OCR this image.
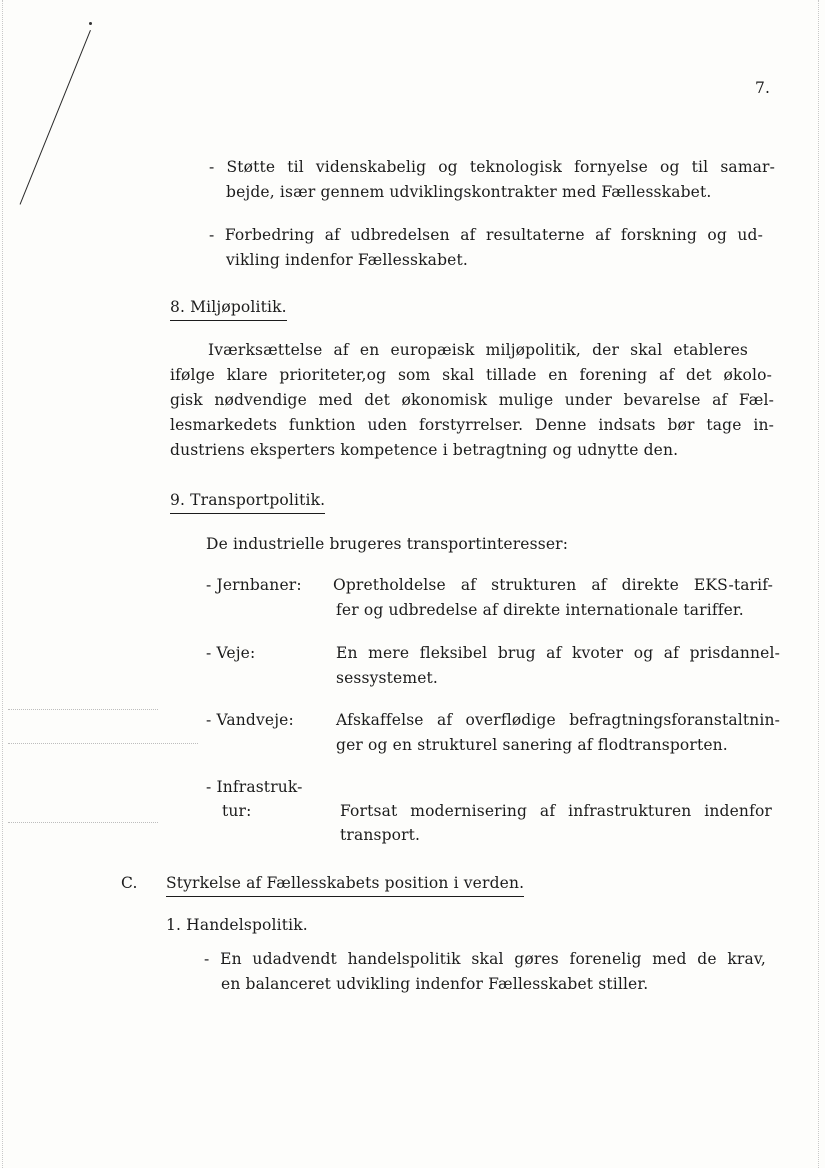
7.
- Støtte til videnskabelig og teknologisk fornyelse og til samar-
bejde, især gennem udviklingskontrakter med Fællesskabet.
- Forbedring af udbredelsen af resultaterne af forskning og ud-
vikling indenfor Fællesskabet.
8. Miljøpolitik.
Iværksættelse af en europæisk miljøpolitik, der skal etableres
ifølge klare prioriteter,og som skal tillade en forening af det økolo-
gisk nødvendige med det økonomisk mulige under bevarelse af Fæl-
lesmarkedets funktion uden forstyrrelser. Denne indsats bør tage in-
dustriens eksperters kompetence i betragtning og udnytte den.
9. Transportpolitik.
De industrielle brugeres transportinteresser:
- Jernbaner: Opretholdelse af strukturen af direkte EKS-tarif-
fer og udbredelse af direkte internationale tariffer.
- Veje:	En mere fleksibel brug af kvoter og af prisdannel-
sessystemet.
- Vandveje:	Afskaffelse af overflødige befragtningsforanstaltnin-
ger og en strukturel sanering af flodtransporten.
- Infrastruk-
tur:	Fortsat modernisering af infrastrukturen indenfor
transport.
C. Styrkelse af Fællesskabets position i verden.
1. Handelspolitik.
- En udadvendt handelspolitik skal gøres forenelig med de krav,
en balanceret udvikling indenfor Fællesskabet stiller.
